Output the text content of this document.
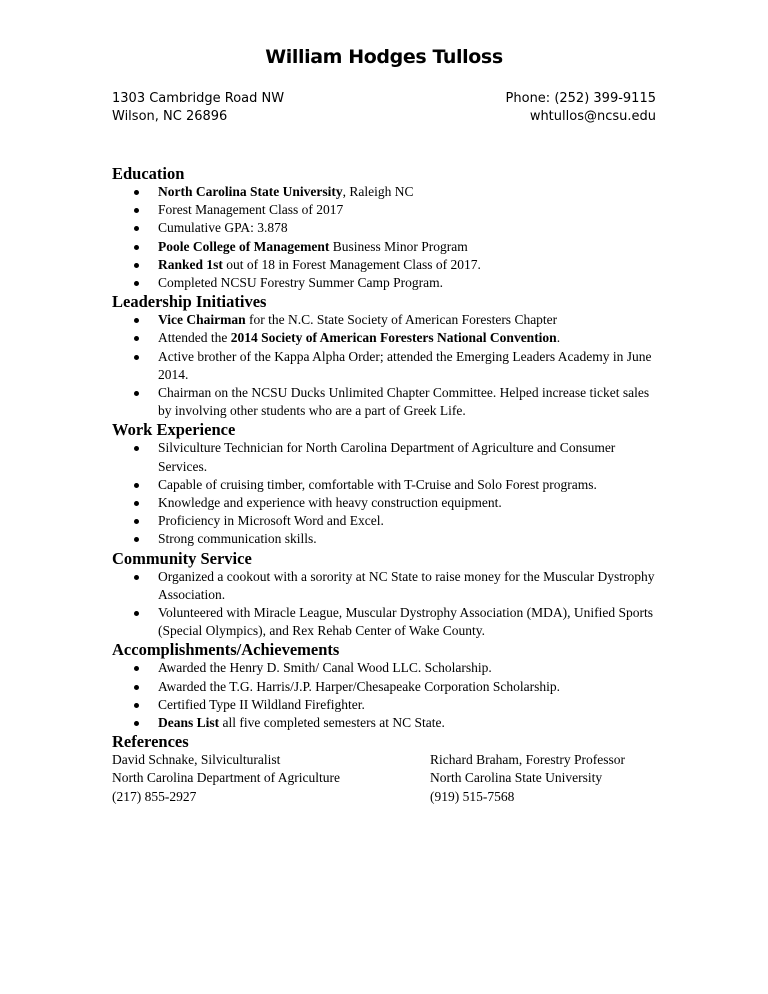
William Hodges Tulloss
1303 Cambridge Road NW
Wilson, NC 26896
Phone: (252) 399-9115
whtullos@ncsu.edu
Education
North Carolina State University, Raleigh NC
Forest Management Class of 2017
Cumulative GPA: 3.878
Poole College of Management Business Minor Program
Ranked 1st out of 18 in Forest Management Class of 2017.
Completed NCSU Forestry Summer Camp Program.
Leadership Initiatives
Vice Chairman for the N.C. State Society of American Foresters Chapter
Attended the 2014 Society of American Foresters National Convention.
Active brother of the Kappa Alpha Order; attended the Emerging Leaders Academy in June 2014.
Chairman on the NCSU Ducks Unlimited Chapter Committee. Helped increase ticket sales by involving other students who are a part of Greek Life.
Work Experience
Silviculture Technician for North Carolina Department of Agriculture and Consumer Services.
Capable of cruising timber, comfortable with T-Cruise and Solo Forest programs.
Knowledge and experience with heavy construction equipment.
Proficiency in Microsoft Word and Excel.
Strong communication skills.
Community Service
Organized a cookout with a sorority at NC State to raise money for the Muscular Dystrophy Association.
Volunteered with Miracle League, Muscular Dystrophy Association (MDA), Unified Sports (Special Olympics), and Rex Rehab Center of Wake County.
Accomplishments/Achievements
Awarded the Henry D. Smith/ Canal Wood LLC. Scholarship.
Awarded the T.G. Harris/J.P. Harper/Chesapeake Corporation Scholarship.
Certified Type II Wildland Firefighter.
Deans List all five completed semesters at NC State.
References
David Schnake, Silviculturalist
North Carolina Department of Agriculture
(217) 855-2927
Richard Braham, Forestry Professor
North Carolina State University
(919) 515-7568
